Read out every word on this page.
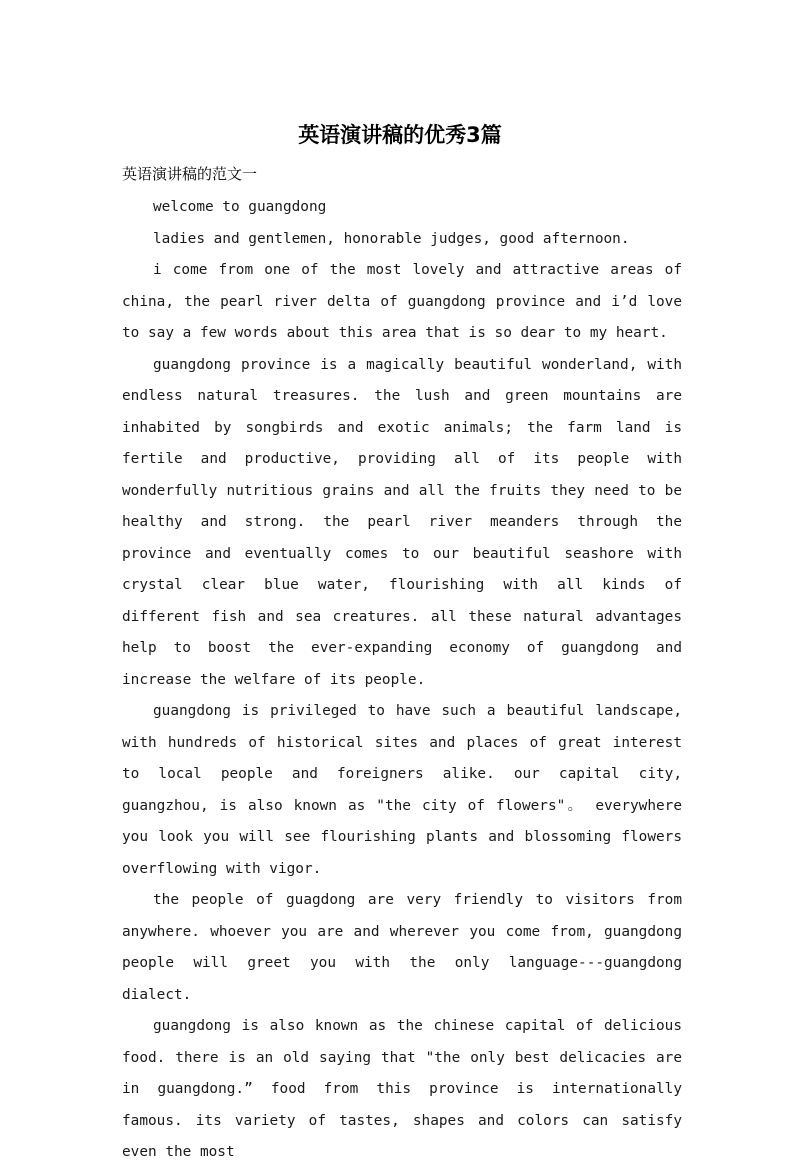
英语演讲稿的优秀3篇
英语演讲稿的范文一

welcome to guangdong

ladies and gentlemen, honorable judges, good afternoon.

i come from one of the most lovely and attractive areas of china, the pearl river delta of guangdong province and i’d love to say a few words about this area that is so dear to my heart.

guangdong province is a magically beautiful wonderland, with endless natural treasures. the lush and green mountains are inhabited by songbirds and exotic animals; the farm land is fertile and productive, providing all of its people with wonderfully nutritious grains and all the fruits they need to be healthy and strong. the pearl river meanders through the province and eventually comes to our beautiful seashore with crystal clear blue water, flourishing with all kinds of different fish and sea creatures. all these natural advantages help to boost the ever-expanding economy of guangdong and increase the welfare of its people.

guangdong is privileged to have such a beautiful landscape, with hundreds of historical sites and places of great interest to local people and foreigners alike. our capital city, guangzhou, is also known as "the city of flowers"。 everywhere you look you will see flourishing plants and blossoming flowers overflowing with vigor.

the people of guagdong are very friendly to visitors from anywhere. whoever you are and wherever you come from, guangdong people will greet you with the only language---guangdong dialect.

guangdong is also known as the chinese capital of delicious food. there is an old saying that "the only best delicacies are in guangdong.” food from this province is internationally famous. its variety of tastes, shapes and colors can satisfy even the most
